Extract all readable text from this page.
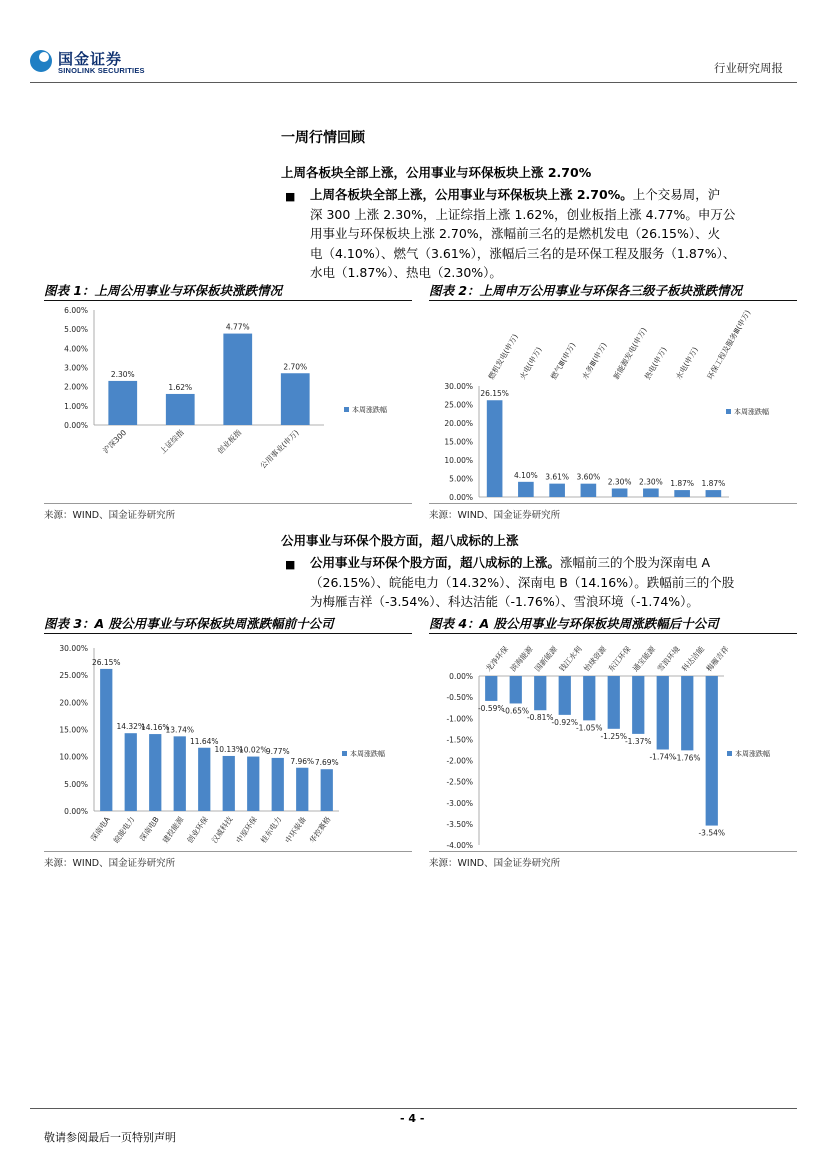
国金证券
SINOLINK SECURITIES	行业研究周报
一周行情回顾
上周各板块全部上涨，公用事业与环保板块上涨 2.70%
■ 上周各板块全部上涨，公用事业与环保板块上涨 2.70%。上个交易周，沪
深 300 上涨 2.30%，上证综指上涨 1.62%，创业板指上涨 4.77%。申万公
用事业与环保板块上涨 2.70%，涨幅前三名的是燃机发电（26.15%）、火
电（4.10%）、燃气（3.61%），涨幅后三名的是环保工程及服务（1.87%）、
水电（1.87%）、热电（2.30%）。
图表 1：上周公用事业与环保板块涨跌情况	图表 2：上周申万公用事业与环保各三级子板块涨跌情况
6.00%
5.00%
4.00%
3.00%
2.00%
1.00%
0.00%
2.30%
沪深300
1.62%
上证综指
4.77%
创业板指
2.70%
公用事业(申万)
本周涨跌幅
30.00%
25.00%
20.00%
15.00%
10.00%
5.00%
0.00%
26.15%
燃机发电(申万)
4.10%
火电(申万)
3.61%
燃气Ⅲ(申万)
3.60%
水务Ⅲ(申万)
2.30%
新能源发电(申万)
2.30%
热电(申万)
1.87%
水电(申万)
1.87%
环保工程及服务Ⅲ(申万)
本周涨跌幅
来源：WIND、国金证券研究所	来源：WIND、国金证券研究所
公用事业与环保个股方面，超八成标的上涨
■ 公用事业与环保个股方面，超八成标的上涨。涨幅前三的个股为深南电 A
（26.15%）、皖能电力（14.32%）、深南电 B（14.16%）。跌幅前三的个股
为梅雁吉祥（-3.54%）、科达洁能（-1.76%）、雪浪环境（-1.74%）。
图表 3：A 股公用事业与环保板块周涨跌幅前十公司	图表 4：A 股公用事业与环保板块周涨跌幅后十公司
30.00%
25.00%
20.00%
15.00%
10.00%
5.00%
0.00%
26.15%
深南电A
14.32%
皖能电力
14.16%
深南电B
13.74%
建投能源
11.64%
创业环保
10.13%
汉威科技
10.02%
中原环保
9.77%
桂东电力
7.96%
中环装备
7.69%
华控赛格
本周涨跌幅
0.00%
-0.50%
-1.00%
-1.50%
-2.00%
-2.50%
-3.00%
-3.50%
-4.00%
-0.59%
龙净环保
-0.65%
滨海能源
-0.81%
国新能源
-0.92%
钱江水利
-1.05%
怡球资源
-1.25%
东江环保
-1.37%
通宝能源
-1.74%
雪浪环境
-1.76%
科达洁能
-3.54%
梅雁吉祥
本周涨跌幅
来源：WIND、国金证券研究所	来源：WIND、国金证券研究所
- 4 -
敬请参阅最后一页特别声明
